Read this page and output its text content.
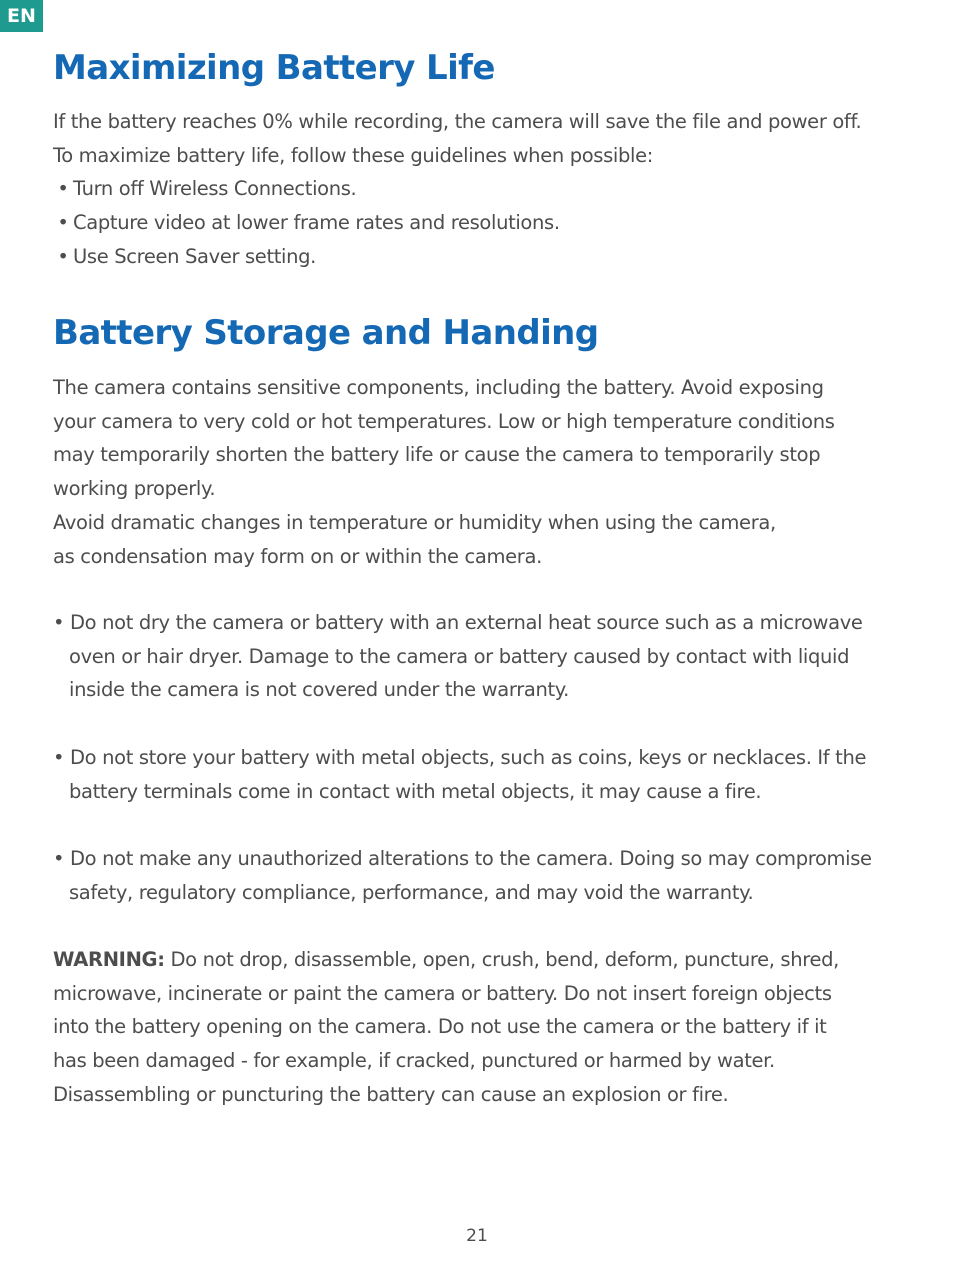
EN
Maximizing Battery Life
If the battery reaches 0% while recording, the camera will save the file and power off.
To maximize battery life, follow these guidelines when possible:
• Turn off Wireless Connections.
• Capture video at lower frame rates and resolutions.
• Use Screen Saver setting.
Battery Storage and Handing
The camera contains sensitive components, including the battery. Avoid exposing
your camera to very cold or hot temperatures. Low or high temperature conditions
may temporarily shorten the battery life or cause the camera to temporarily stop
working properly.
Avoid dramatic changes in temperature or humidity when using the camera,
as condensation may form on or within the camera.
• Do not dry the camera or battery with an external heat source such as a microwave
oven or hair dryer. Damage to the camera or battery caused by contact with liquid
inside the camera is not covered under the warranty.
• Do not store your battery with metal objects, such as coins, keys or necklaces. If the
battery terminals come in contact with metal objects, it may cause a fire.
• Do not make any unauthorized alterations to the camera. Doing so may compromise
safety, regulatory compliance, performance, and may void the warranty.
WARNING: Do not drop, disassemble, open, crush, bend, deform, puncture, shred,
microwave, incinerate or paint the camera or battery. Do not insert foreign objects
into the battery opening on the camera. Do not use the camera or the battery if it
has been damaged - for example, if cracked, punctured or harmed by water.
Disassembling or puncturing the battery can cause an explosion or fire.
21
